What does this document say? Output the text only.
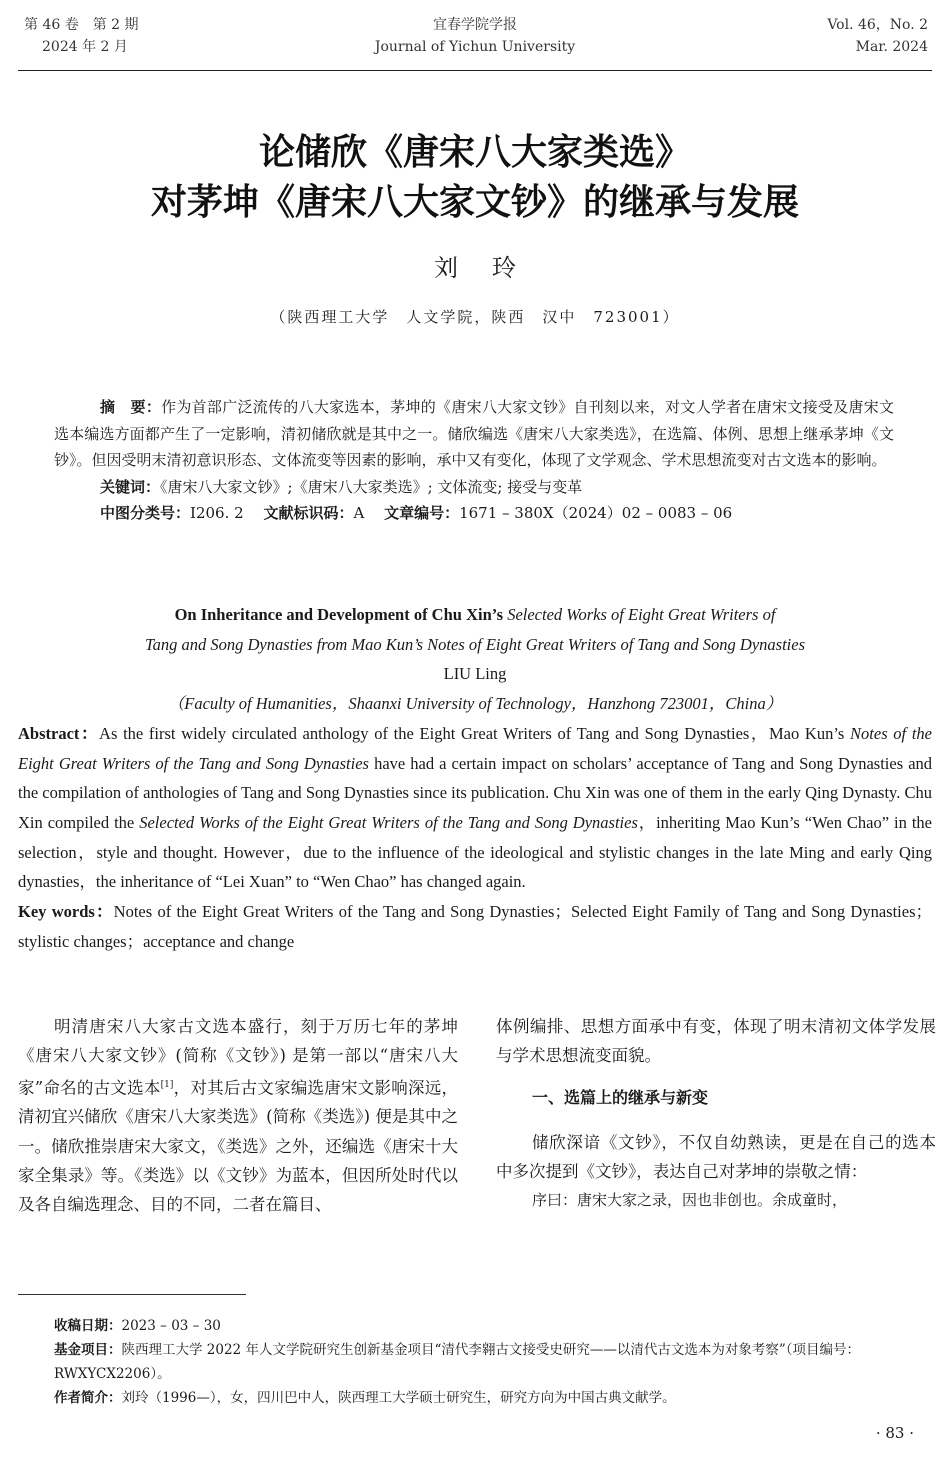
第 46 卷　第 2 期
2024 年 2 月
宜春学院学报
Journal of Yichun University
Vol. 46，No. 2
Mar. 2024
论储欣《唐宋八大家类选》
对茅坤《唐宋八大家文钞》的继承与发展
刘玲
（陕西理工大学　人文学院，陕西　汉中　723001）

摘　要：作为首部广泛流传的八大家选本，茅坤的《唐宋八大家文钞》自刊刻以来，对文人学者在唐宋文接受及唐宋文选本编选方面都产生了一定影响，清初储欣就是其中之一。储欣编选《唐宋八大家类选》，在选篇、体例、思想上继承茅坤《文钞》。但因受明末清初意识形态、文体流变等因素的影响，承中又有变化，体现了文学观念、学术思想流变对古文选本的影响。

关键词：《唐宋八大家文钞》;《唐宋八大家类选》; 文体流变; 接受与变革

中图分类号：I206. 2　 文献标识码：A　 文章编号：1671 – 380X（2024）02 – 0083 – 06

On Inheritance and Development of Chu Xin’s Selected Works of Eight Great Writers of
Tang and Song Dynasties from Mao Kun’s Notes of Eight Great Writers of Tang and Song Dynasties
LIU Ling
（Faculty of Humanities，Shaanxi University of Technology，Hanzhong 723001，China）

Abstract：As the first widely circulated anthology of the Eight Great Writers of Tang and Song Dynasties，Mao Kun’s Notes of the Eight Great Writers of the Tang and Song Dynasties have had a certain impact on scholars’ acceptance of Tang and Song Dynasties and the compilation of anthologies of Tang and Song Dynasties since its publication. Chu Xin was one of them in the early Qing Dynasty. Chu Xin compiled the Selected Works of the Eight Great Writers of the Tang and Song Dynasties，inheriting Mao Kun’s “Wen Chao” in the selection，style and thought. However，due to the influence of the ideological and stylistic changes in the late Ming and early Qing dynasties，the inheritance of “Lei Xuan” to “Wen Chao” has changed again.

Key words：Notes of the Eight Great Writers of the Tang and Song Dynasties；Selected Eight Family of Tang and Song Dynasties；stylistic changes；acceptance and change

明清唐宋八大家古文选本盛行，刻于万历七年的茅坤《唐宋八大家文钞》(简称《文钞》) 是第一部以“唐宋八大家”命名的古文选本[1]，对其后古文家编选唐宋文影响深远，清初宜兴储欣《唐宋八大家类选》(简称《类选》) 便是其中之一。储欣推崇唐宋大家文，《类选》之外，还编选《唐宋十大家全集录》等。《类选》以《文钞》为蓝本，但因所处时代以及各自编选理念、目的不同，二者在篇目、

体例编排、思想方面承中有变，体现了明末清初文体学发展与学术思想流变面貌。

一、选篇上的继承与新变

储欣深谙《文钞》，不仅自幼熟读，更是在自己的选本中多次提到《文钞》，表达自己对茅坤的崇敬之情：

序曰：唐宋大家之录，因也非创也。余成童时，

收稿日期：2023 – 03 – 30

基金项目：陕西理工大学 2022 年人文学院研究生创新基金项目“清代李翱古文接受史研究——以清代古文选本为对象考察”（项目编号：RWXYCX2206）。

作者简介：刘玲（1996—），女，四川巴中人，陕西理工大学硕士研究生，研究方向为中国古典文献学。

· 83 ·
